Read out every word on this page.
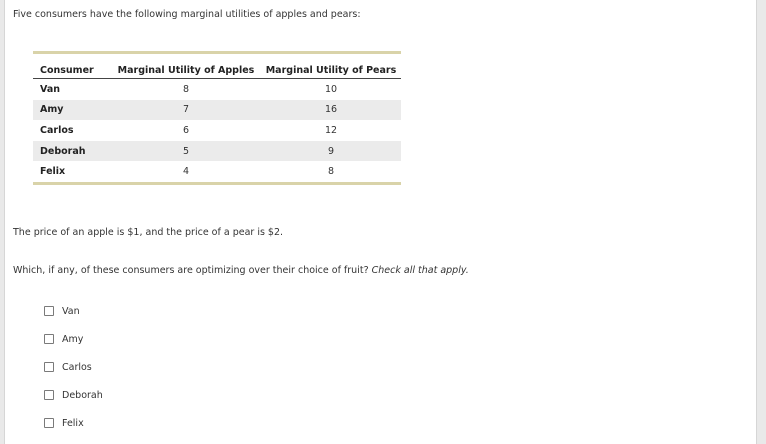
Five consumers have the following marginal utilities of apples and pears:
Consumer	Marginal Utility of Apples	Marginal Utility of Pears
Van	8	10
Amy	7	16
Carlos	6	12
Deborah	5	9
Felix	4	8
The price of an apple is $1, and the price of a pear is $2.
Which, if any, of these consumers are optimizing over their choice of fruit? Check all that apply.
Van
Amy
Carlos
Deborah
Felix
